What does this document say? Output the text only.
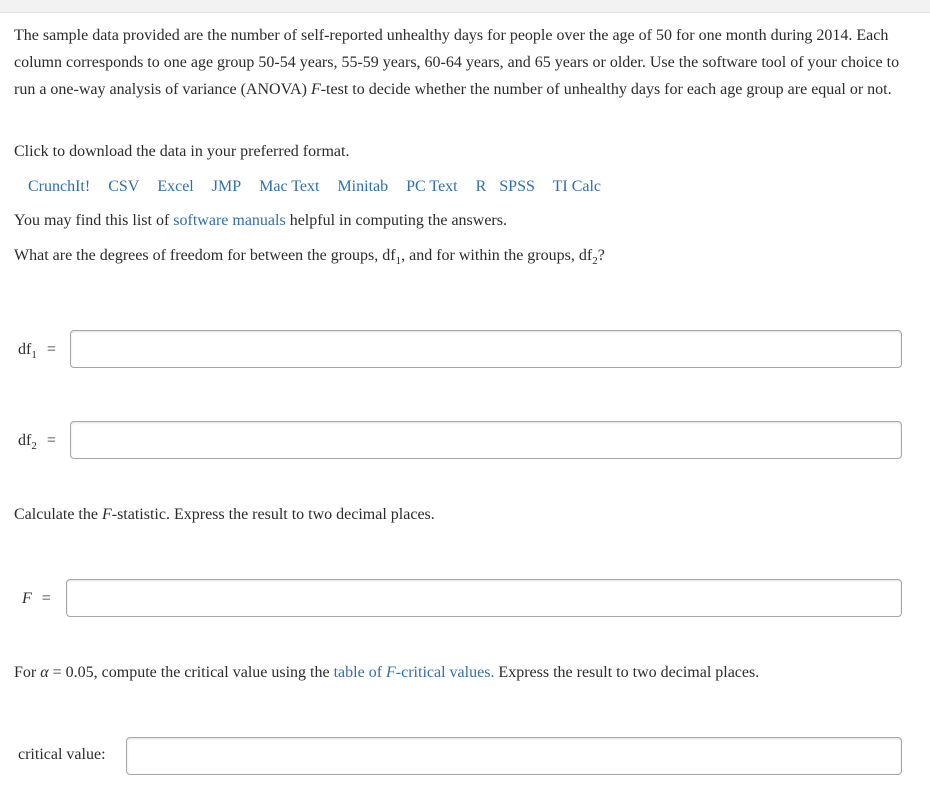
The sample data provided are the number of self-reported unhealthy days for people over the age of 50 for one month during 2014. Each column corresponds to one age group 50-54 years, 55-59 years, 60-64 years, and 65 years or older. Use the software tool of your choice to run a one-way analysis of variance (ANOVA) F-test to decide whether the number of unhealthy days for each age group are equal or not.

Click to download the data in your preferred format.

CrunchIt! CSV Excel JMP Mac Text Minitab PC Text R SPSS TI Calc

You may find this list of software manuals helpful in computing the answers.

What are the degrees of freedom for between the groups, $df_1$, and for within the groups, $df_2$?

$df_1$ =
$df_2$ =

Calculate the F-statistic. Express the result to two decimal places.

F =

For α = 0.05, compute the critical value using the table of F-critical values. Express the result to two decimal places.

critical value:
